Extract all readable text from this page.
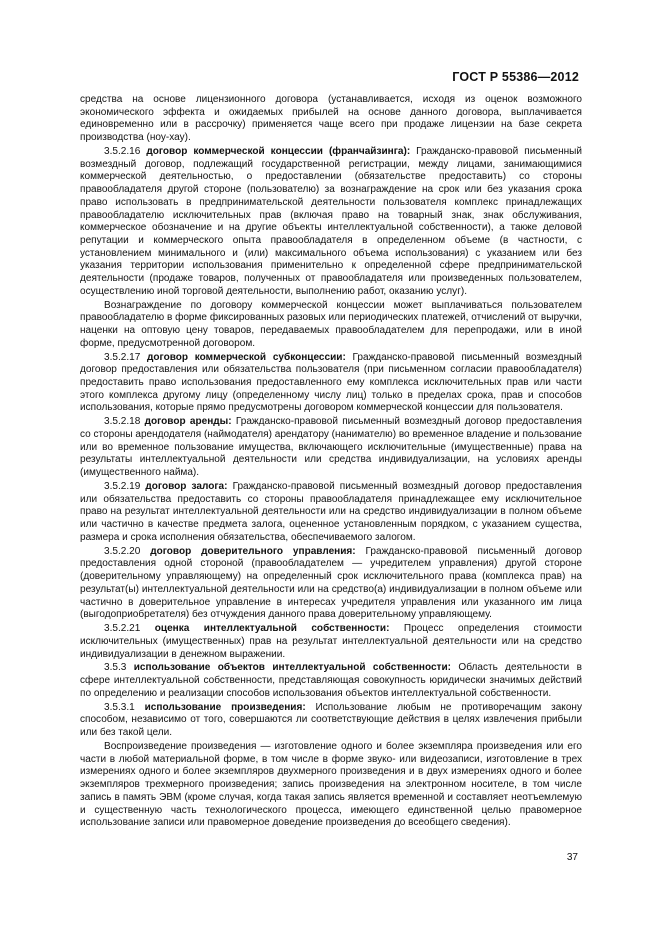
ГОСТ Р 55386—2012

средства на основе лицензионного договора (устанавливается, исходя из оценок возможного экономического эффекта и ожидаемых прибылей на основе данного договора, выплачивается единовременно или в рассрочку) применяется чаще всего при продаже лицензии на базе секрета производства (ноу-хау).

3.5.2.16 договор коммерческой концессии (франчайзинга): Гражданско-правовой письменный возмездный договор, подлежащий государственной регистрации, между лицами, занимающимися коммерческой деятельностью, о предоставлении (обязательстве предоставить) со стороны правообладателя другой стороне (пользователю) за вознаграждение на срок или без указания срока право использовать в предпринимательской деятельности пользователя комплекс принадлежащих правообладателю исключительных прав (включая право на товарный знак, знак обслуживания, коммерческое обозначение и на другие объекты интеллектуальной собственности), а также деловой репутации и коммерческого опыта правообладателя в определенном объеме (в частности, с установлением минимального и (или) максимального объема использования) с указанием или без указания территории использования применительно к определенной сфере предпринимательской деятельности (продаже товаров, полученных от правообладателя или произведенных пользователем, осуществлению иной торговой деятельности, выполнению работ, оказанию услуг).

Вознаграждение по договору коммерческой концессии может выплачиваться пользователем правообладателю в форме фиксированных разовых или периодических платежей, отчислений от выручки, наценки на оптовую цену товаров, передаваемых правообладателем для перепродажи, или в иной форме, предусмотренной договором.

3.5.2.17 договор коммерческой субконцессии: Гражданско-правовой письменный возмездный договор предоставления или обязательства пользователя (при письменном согласии правообладателя) предоставить право использования предоставленного ему комплекса исключительных прав или части этого комплекса другому лицу (определенному числу лиц) только в пределах срока, прав и способов использования, которые прямо предусмотрены договором коммерческой концессии для пользователя.

3.5.2.18 договор аренды: Гражданско-правовой письменный возмездный договор предоставления со стороны арендодателя (наймодателя) арендатору (нанимателю) во временное владение и пользование или во временное пользование имущества, включающего исключительные (имущественные) права на результаты интеллектуальной деятельности или средства индивидуализации, на условиях аренды (имущественного найма).

3.5.2.19 договор залога: Гражданско-правовой письменный возмездный договор предоставления или обязательства предоставить со стороны правообладателя принадлежащее ему исключительное право на результат интеллектуальной деятельности или на средство индивидуализации в полном объеме или частично в качестве предмета залога, оцененное установленным порядком, с указанием существа, размера и срока исполнения обязательства, обеспечиваемого залогом.

3.5.2.20 договор доверительного управления: Гражданско-правовой письменный договор предоставления одной стороной (правообладателем — учредителем управления) другой стороне (доверительному управляющему) на определенный срок исключительного права (комплекса прав) на результат(ы) интеллектуальной деятельности или на средство(а) индивидуализации в полном объеме или частично в доверительное управление в интересах учредителя управления или указанного им лица (выгодоприобретателя) без отчуждения данного права доверительному управляющему.

3.5.2.21 оценка интеллектуальной собственности: Процесс определения стоимости исключительных (имущественных) прав на результат интеллектуальной деятельности или на средство индивидуализации в денежном выражении.

3.5.3 использование объектов интеллектуальной собственности: Область деятельности в сфере интеллектуальной собственности, представляющая совокупность юридически значимых действий по определению и реализации способов использования объектов интеллектуальной собственности.

3.5.3.1 использование произведения: Использование любым не противоречащим закону способом, независимо от того, совершаются ли соответствующие действия в целях извлечения прибыли или без такой цели.

Воспроизведение произведения — изготовление одного и более экземпляра произведения или его части в любой материальной форме, в том числе в форме звуко- или видеозаписи, изготовление в трех измерениях одного и более экземпляров двухмерного произведения и в двух измерениях одного и более экземпляров трехмерного произведения; запись произведения на электронном носителе, в том числе запись в память ЭВМ (кроме случая, когда такая запись является временной и составляет неотъемлемую и существенную часть технологического процесса, имеющего единственной целью правомерное использование записи или правомерное доведение произведения до всеобщего сведения).

37
